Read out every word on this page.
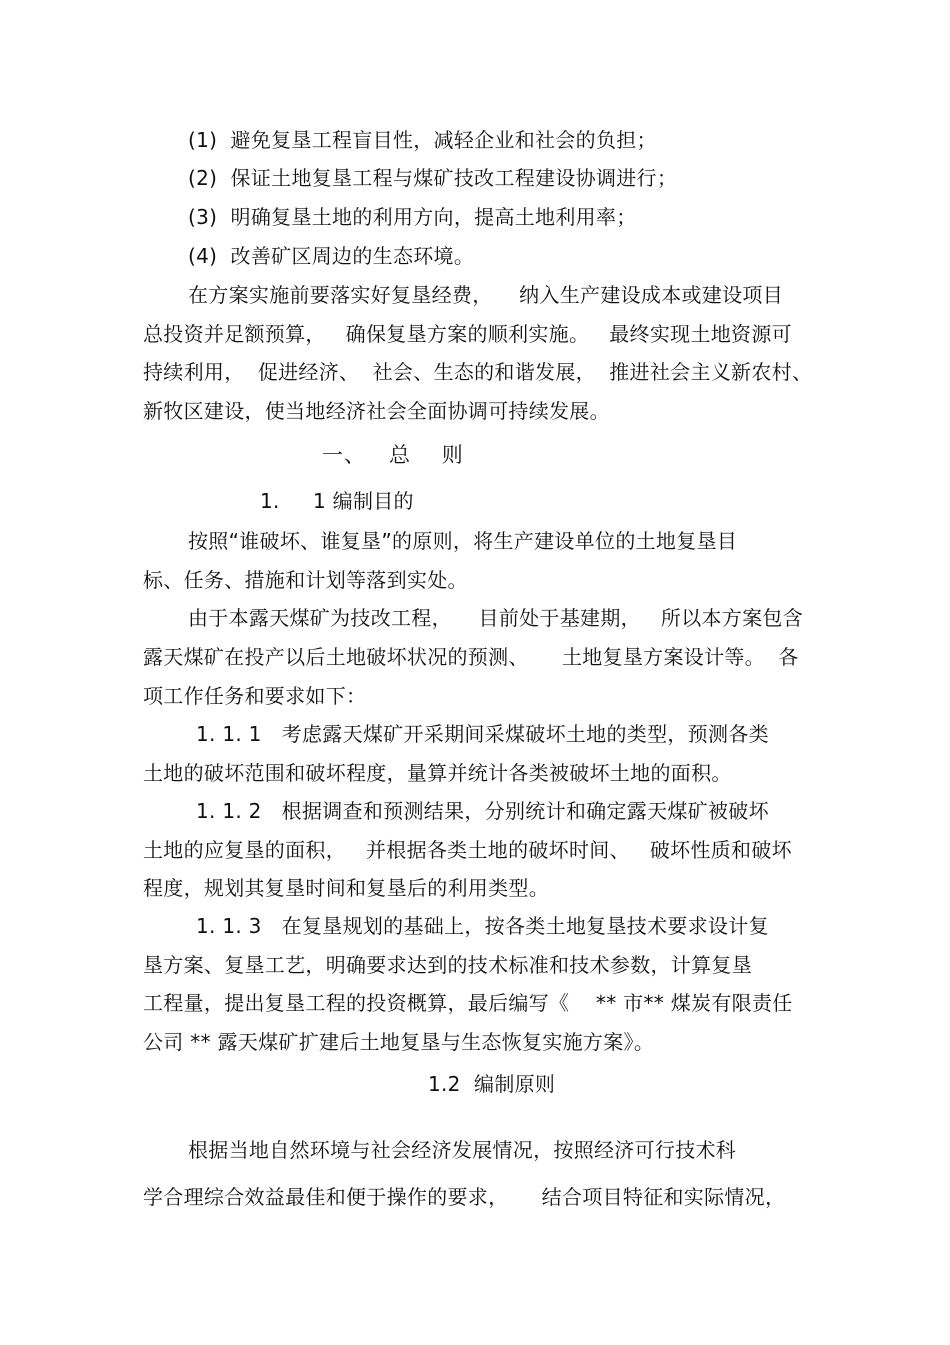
(1)  避免复垦工程盲目性，减轻企业和社会的负担；
(2)  保证土地复垦工程与煤矿技改工程建设协调进行；
(3)  明确复垦土地的利用方向，提高土地利用率；
(4)  改善矿区周边的生态环境。
在方案实施前要落实好复垦经费，    纳入生产建设成本或建设项目
总投资并足额预算，   确保复垦方案的顺利实施。   最终实现土地资源可
持续利用，  促进经济、  社会、生态的和谐发展，  推进社会主义新农村、
新牧区建设，使当地经济社会全面协调可持续发展。
一、   总    则
1.     1 编制目的
按照“谁破坏、谁复垦”的原则，将生产建设单位的土地复垦目
标、任务、措施和计划等落到实处。
由于本露天煤矿为技改工程，    目前处于基建期，   所以本方案包含
露天煤矿在投产以后土地破坏状况的预测、     土地复垦方案设计等。  各
项工作任务和要求如下：
1. 1. 1   考虑露天煤矿开采期间采煤破坏土地的类型，预测各类
土地的破坏范围和破坏程度，量算并统计各类被破坏土地的面积。
1. 1. 2   根据调查和预测结果，分别统计和确定露天煤矿被破坏
土地的应复垦的面积，   并根据各类土地的破坏时间、   破坏性质和破坏
程度，规划其复垦时间和复垦后的利用类型。
1. 1. 3   在复垦规划的基础上，按各类土地复垦技术要求设计复
垦方案、复垦工艺，明确要求达到的技术标准和技术参数，计算复垦
工程量，提出复垦工程的投资概算，最后编写《    ** 市** 煤炭有限责任
公司 ** 露天煤矿扩建后土地复垦与生态恢复实施方案》。
1.2  编制原则
根据当地自然环境与社会经济发展情况，按照经济可行技术科
学合理综合效益最佳和便于操作的要求，     结合项目特征和实际情况，
